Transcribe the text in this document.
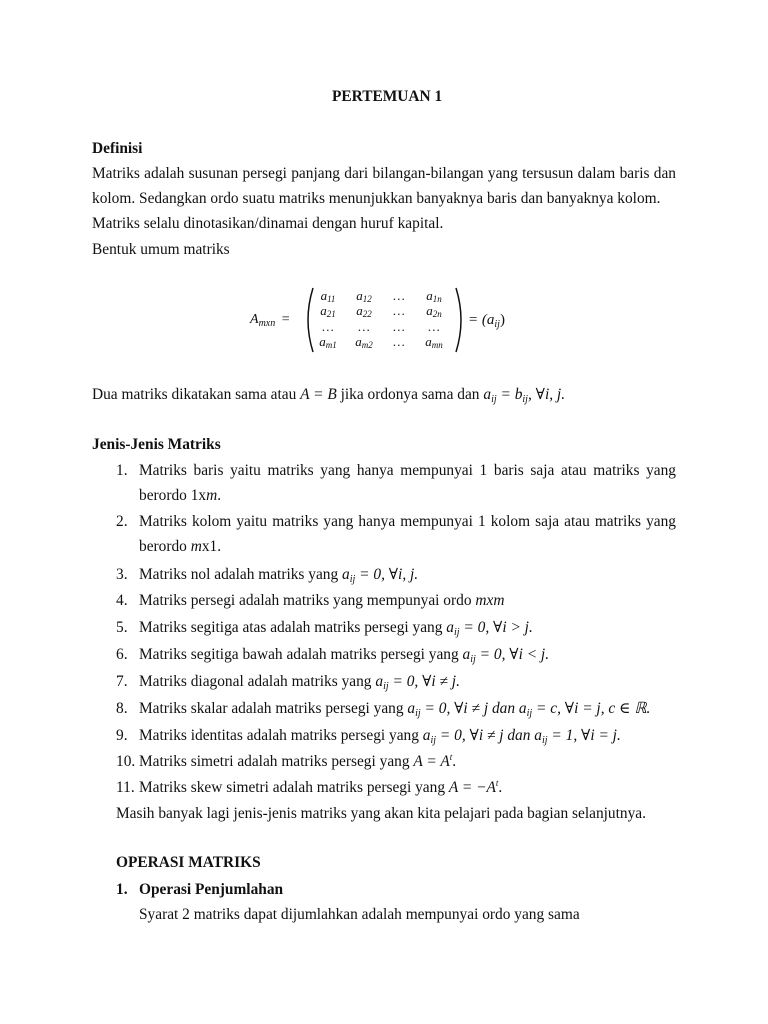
PERTEMUAN 1
Definisi
Matriks adalah susunan persegi panjang dari bilangan-bilangan yang tersusun dalam baris dan
kolom. Sedangkan ordo suatu matriks menunjukkan banyaknya baris dan banyaknya kolom.
Matriks selalu dinotasikan/dinamai dengan huruf kapital.
Bentuk umum matriks
$A_{mxn}$ =
a 11 a 12 … a 1n
a 21 a 22 … a 2n
… … … …
a m1 a m2 … a mn
= $(a_{ij})$
Dua matriks dikatakan sama atau A = B jika ordonya sama dan aij = bij, ∀i, j.
Jenis-Jenis Matriks
1. Matriks baris yaitu matriks yang hanya mempunyai 1 baris saja atau matriks yang
berordo 1xm.
2. Matriks kolom yaitu matriks yang hanya mempunyai 1 kolom saja atau matriks yang
berordo mx1.
3. Matriks nol adalah matriks yang aij = 0, ∀i, j.
4. Matriks persegi adalah matriks yang mempunyai ordo mxm
5. Matriks segitiga atas adalah matriks persegi yang aij = 0, ∀i > j.
6. Matriks segitiga bawah adalah matriks persegi yang aij = 0, ∀i < j.
7. Matriks diagonal adalah matriks yang aij = 0, ∀i ≠ j.
8. Matriks skalar adalah matriks persegi yang aij = 0, ∀i ≠ j dan aij = c, ∀i = j, c ∈ ℝ.
9. Matriks identitas adalah matriks persegi yang aij = 0, ∀i ≠ j dan aij = 1, ∀i = j.
10. Matriks simetri adalah matriks persegi yang $A = A^t$.
11. Matriks skew simetri adalah matriks persegi yang $A = -A^t$.
Masih banyak lagi jenis-jenis matriks yang akan kita pelajari pada bagian selanjutnya.
OPERASI MATRIKS
1. Operasi Penjumlahan
Syarat 2 matriks dapat dijumlahkan adalah mempunyai ordo yang sama
